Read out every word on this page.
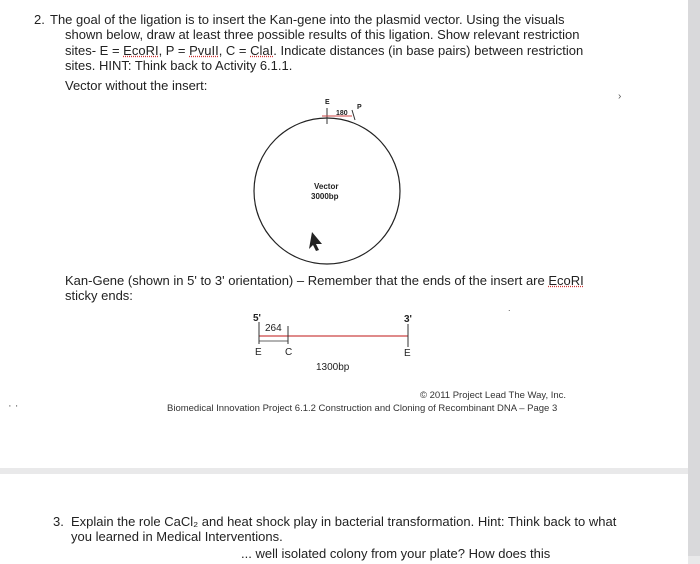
2. The goal of the ligation is to insert the Kan-gene into the plasmid vector. Using the visuals
shown below, draw at least three possible results of this ligation. Show relevant restriction
sites- E = EcoRI, P = PvuII, C = ClaI. Indicate distances (in base pairs) between restriction
sites. HINT: Think back to Activity 6.1.1.
Vector without the insert:
›
.
· ·
E
P
180
Vector
3000bp
Kan-Gene (shown in 5' to 3' orientation) – Remember that the ends of the insert are EcoRI
sticky ends:
5'	3'
264
E C	E
1300bp
© 2011 Project Lead The Way, Inc.
Biomedical Innovation Project 6.1.2 Construction and Cloning of Recombinant DNA – Page 3
3. Explain the role CaCl₂ and heat shock play in bacterial transformation. Hint: Think back to what
you learned in Medical Interventions.
... well isolated colony from your plate? How does this
